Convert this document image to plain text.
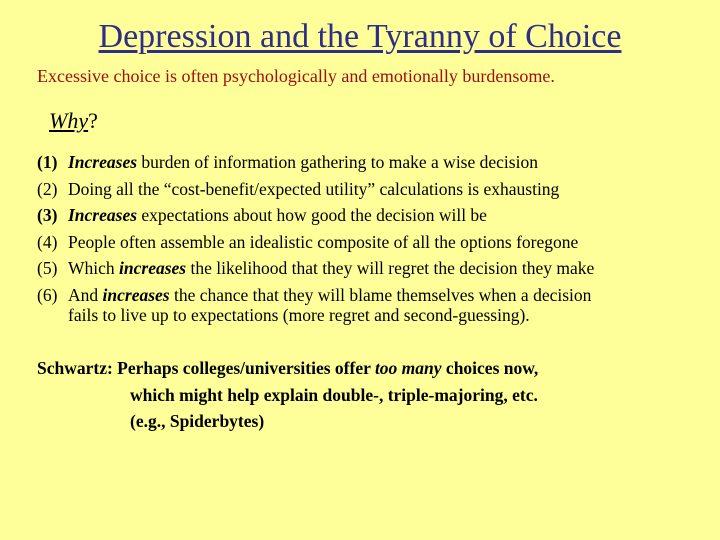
Depression and the Tyranny of Choice
Excessive choice is often psychologically and emotionally burdensome.
Why?
(1) Increases burden of information gathering to make a wise decision
(2) Doing all the “cost-benefit/expected utility” calculations is exhausting
(3) Increases expectations about how good the decision will be
(4) People often assemble an idealistic composite of all the options foregone
(5) Which increases the likelihood that they will regret the decision they make
(6) And increases the chance that they will blame themselves when a decision
fails to live up to expectations (more regret and second-guessing).
Schwartz: Perhaps colleges/universities offer too many choices now,
which might help explain double-, triple-majoring, etc.
(e.g., Spiderbytes)
